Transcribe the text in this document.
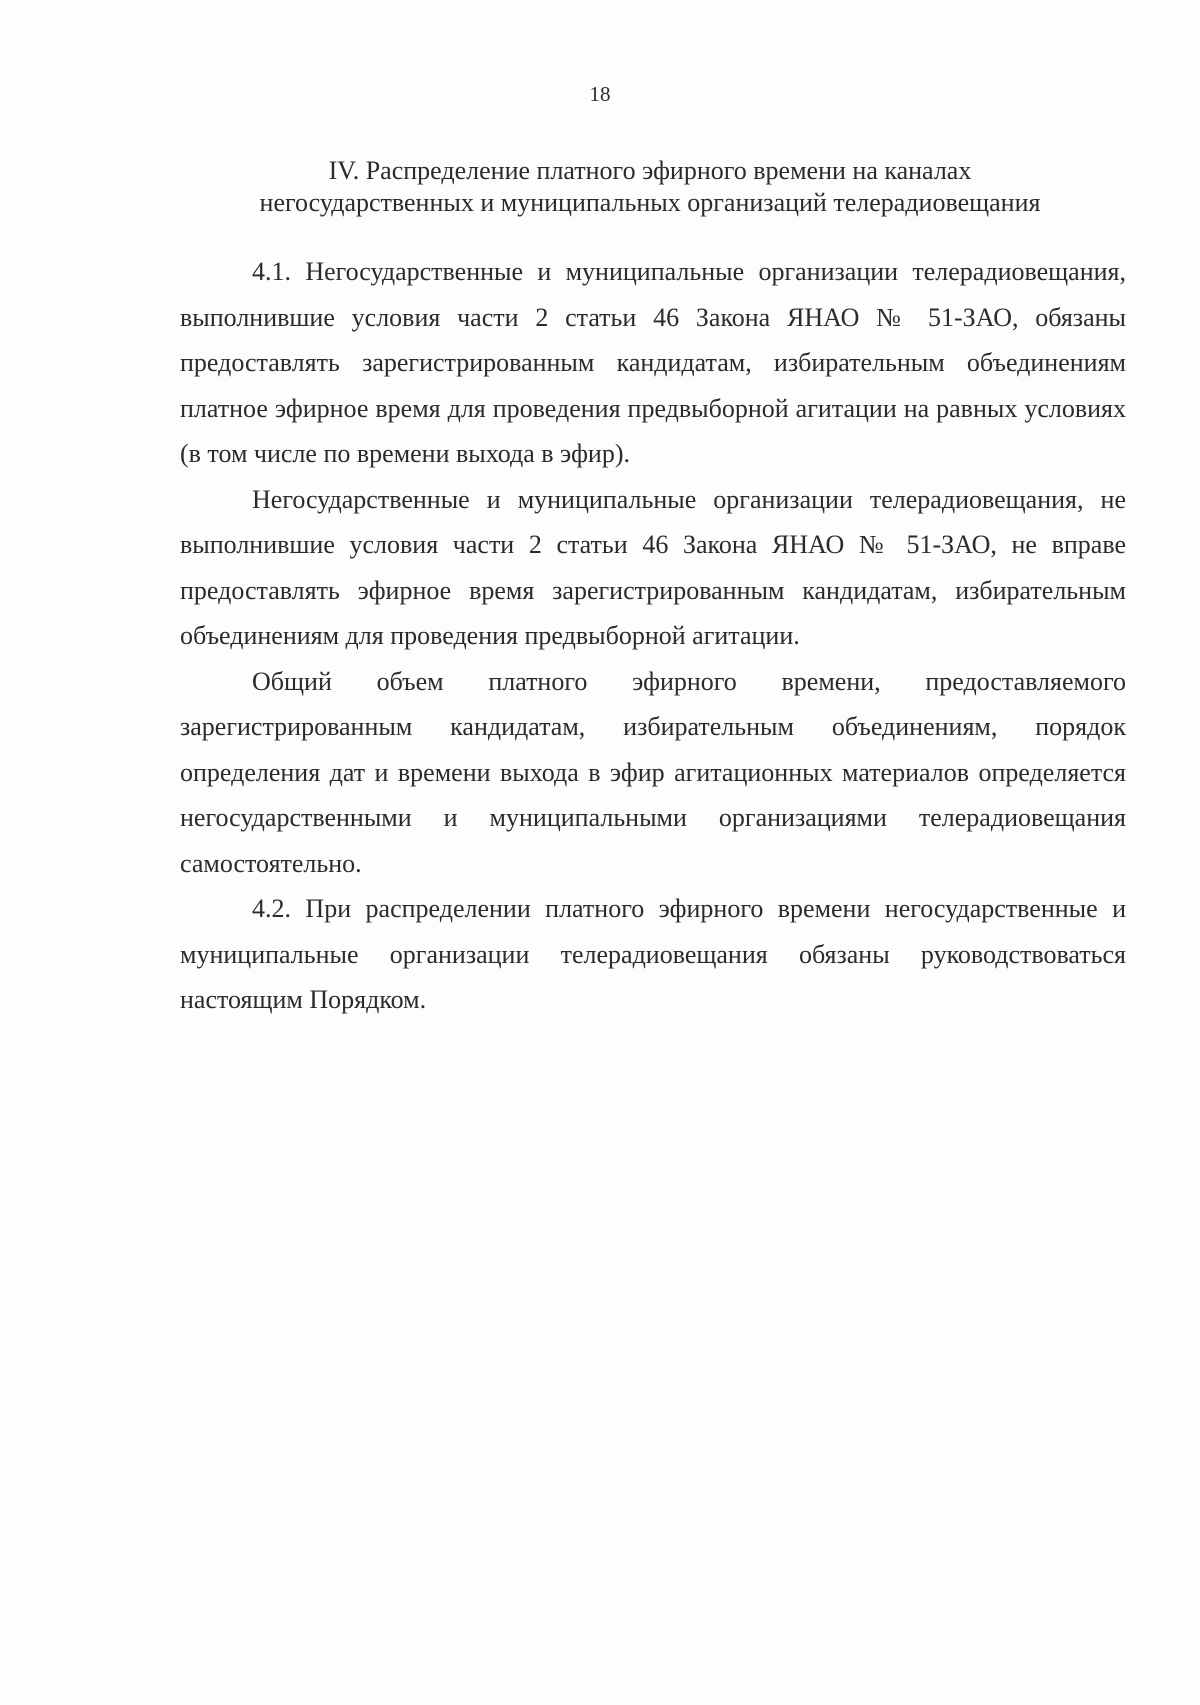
18
IV. Распределение платного эфирного времени на каналах
негосударственных и муниципальных организаций телерадиовещания

4.1. Негосударственные и муниципальные организации телерадиовещания, выполнившие условия части 2 статьи 46 Закона ЯНАО № 51-ЗАО, обязаны предоставлять зарегистрированным кандидатам, избирательным объединениям платное эфирное время для проведения предвыборной агитации на равных условиях (в том числе по времени выхода в эфир).

Негосударственные и муниципальные организации телерадиовещания, не выполнившие условия части 2 статьи 46 Закона ЯНАО № 51-ЗАО, не вправе предоставлять эфирное время зарегистрированным кандидатам, избирательным объединениям для проведения предвыборной агитации.

Общий объем платного эфирного времени, предоставляемого зарегистрированным кандидатам, избирательным объединениям, порядок определения дат и времени выхода в эфир агитационных материалов определяется негосударственными и муниципальными организациями телерадиовещания самостоятельно.

4.2. При распределении платного эфирного времени негосударственные и муниципальные организации телерадиовещания обязаны руководствоваться настоящим Порядком.
